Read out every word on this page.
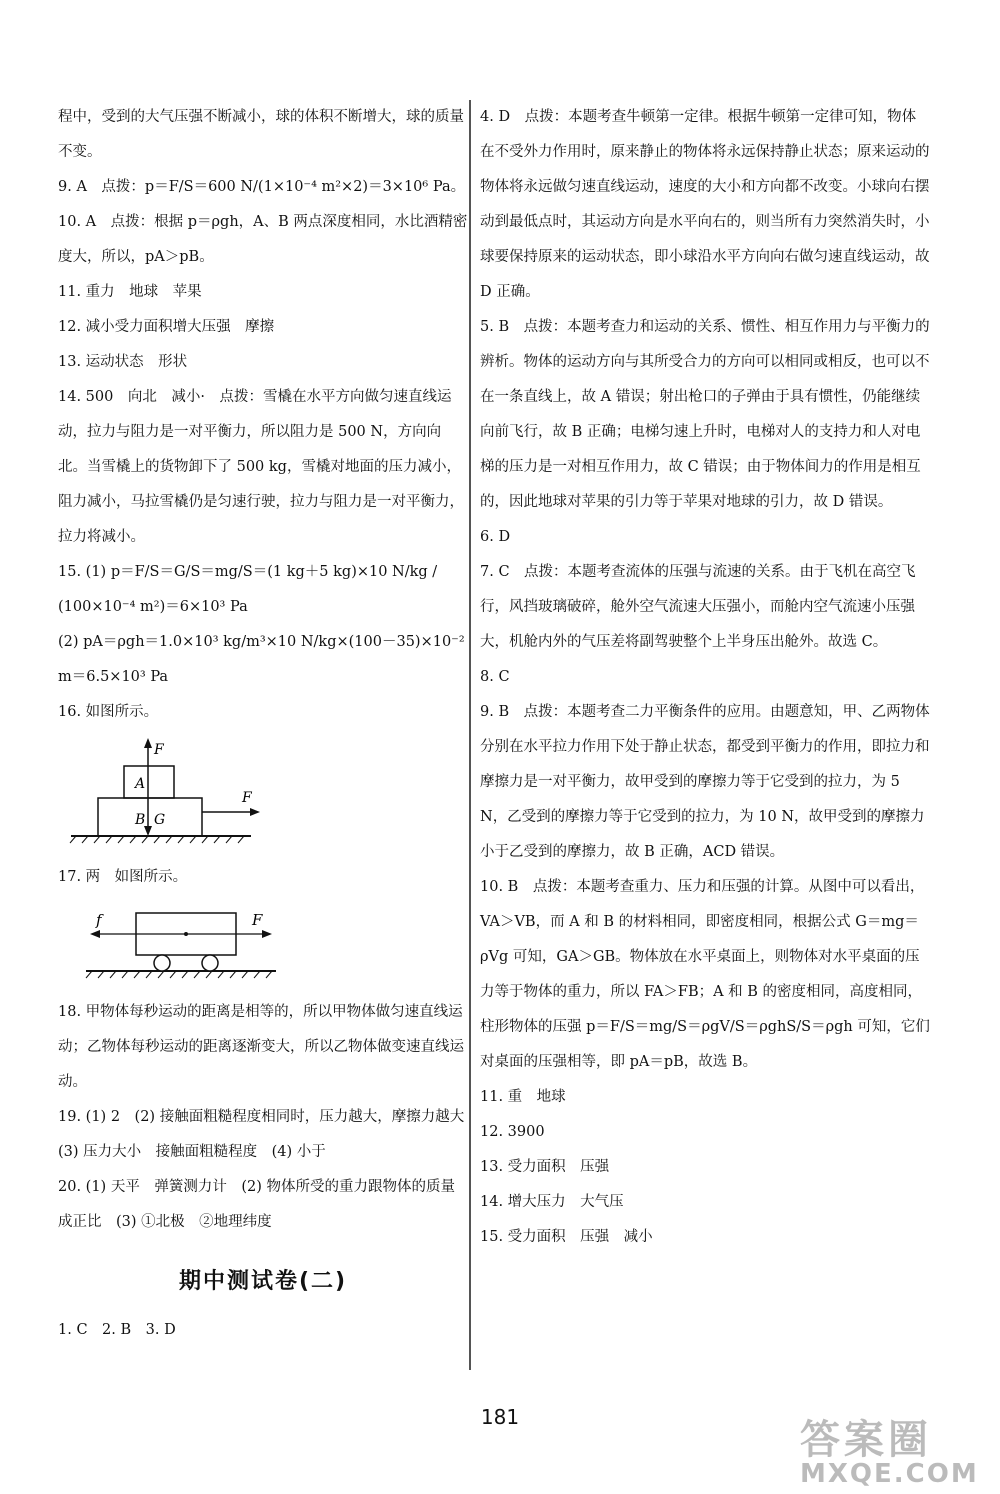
程中，受到的大气压强不断减小，球的体积不断增大，球的质量不变。
9. A　点拨：p＝F/S＝600 N/(1×10⁻⁴ m²×2)＝3×10⁶ Pa。
10. A　点拨：根据 p＝ρgh，A、B 两点深度相同，水比酒精密度大，所以，pA＞pB。
11. 重力　地球　苹果
12. 减小受力面积增大压强　摩擦
13. 运动状态　形状
14. 500　向北　减小·　点拨：雪橇在水平方向做匀速直线运动，拉力与阻力是一对平衡力，所以阻力是 500 N，方向向北。当雪橇上的货物卸下了 500 kg，雪橇对地面的压力减小，阻力减小，马拉雪橇仍是匀速行驶，拉力与阻力是一对平衡力，拉力将减小。
15. (1) p＝F/S＝G/S＝mg/S＝(1 kg＋5 kg)×10 N/kg / (100×10⁻⁴ m²)＝6×10³ Pa
(2) pA＝ρgh＝1.0×10³ kg/m³×10 N/kg×(100－35)×10⁻² m＝6.5×10³ Pa
16. 如图所示。
F
A
B G
F
17. 两　如图所示。
f	F
18. 甲物体每秒运动的距离是相等的，所以甲物体做匀速直线运动；乙物体每秒运动的距离逐渐变大，所以乙物体做变速直线运动。
19. (1) 2　(2) 接触面粗糙程度相同时，压力越大，摩擦力越大
(3) 压力大小　接触面粗糙程度　(4) 小于
20. (1) 天平　弹簧测力计　(2) 物体所受的重力跟物体的质量成正比　(3) ①北极　②地理纬度
期中测试卷(二)
1. C　2. B　3. D
4. D　点拨：本题考查牛顿第一定律。根据牛顿第一定律可知，物体在不受外力作用时，原来静止的物体将永远保持静止状态；原来运动的物体将永远做匀速直线运动，速度的大小和方向都不改变。小球向右摆动到最低点时，其运动方向是水平向右的，则当所有力突然消失时，小球要保持原来的运动状态，即小球沿水平方向向右做匀速直线运动，故 D 正确。
5. B　点拨：本题考查力和运动的关系、惯性、相互作用力与平衡力的辨析。物体的运动方向与其所受合力的方向可以相同或相反，也可以不在一条直线上，故 A 错误；射出枪口的子弹由于具有惯性，仍能继续向前飞行，故 B 正确；电梯匀速上升时，电梯对人的支持力和人对电梯的压力是一对相互作用力，故 C 错误；由于物体间力的作用是相互的，因此地球对苹果的引力等于苹果对地球的引力，故 D 错误。
6. D
7. C　点拨：本题考查流体的压强与流速的关系。由于飞机在高空飞行，风挡玻璃破碎，舱外空气流速大压强小，而舱内空气流速小压强大，机舱内外的气压差将副驾驶整个上半身压出舱外。故选 C。
8. C
9. B　点拨：本题考查二力平衡条件的应用。由题意知，甲、乙两物体分别在水平拉力作用下处于静止状态，都受到平衡力的作用，即拉力和摩擦力是一对平衡力，故甲受到的摩擦力等于它受到的拉力，为 5 N，乙受到的摩擦力等于它受到的拉力，为 10 N，故甲受到的摩擦力小于乙受到的摩擦力，故 B 正确，ACD 错误。
10. B　点拨：本题考查重力、压力和压强的计算。从图中可以看出，VA＞VB，而 A 和 B 的材料相同，即密度相同，根据公式 G＝mg＝ρVg 可知，GA＞GB。物体放在水平桌面上，则物体对水平桌面的压力等于物体的重力，所以 FA＞FB；A 和 B 的密度相同，高度相同，柱形物体的压强 p＝F/S＝mg/S＝ρgV/S＝ρghS/S＝ρgh 可知，它们对桌面的压强相等，即 pA＝pB，故选 B。
11. 重　地球
12. 3900
13. 受力面积　压强
14. 增大压力　大气压
15. 受力面积　压强　减小
181	答案圈
MXQE.COM
